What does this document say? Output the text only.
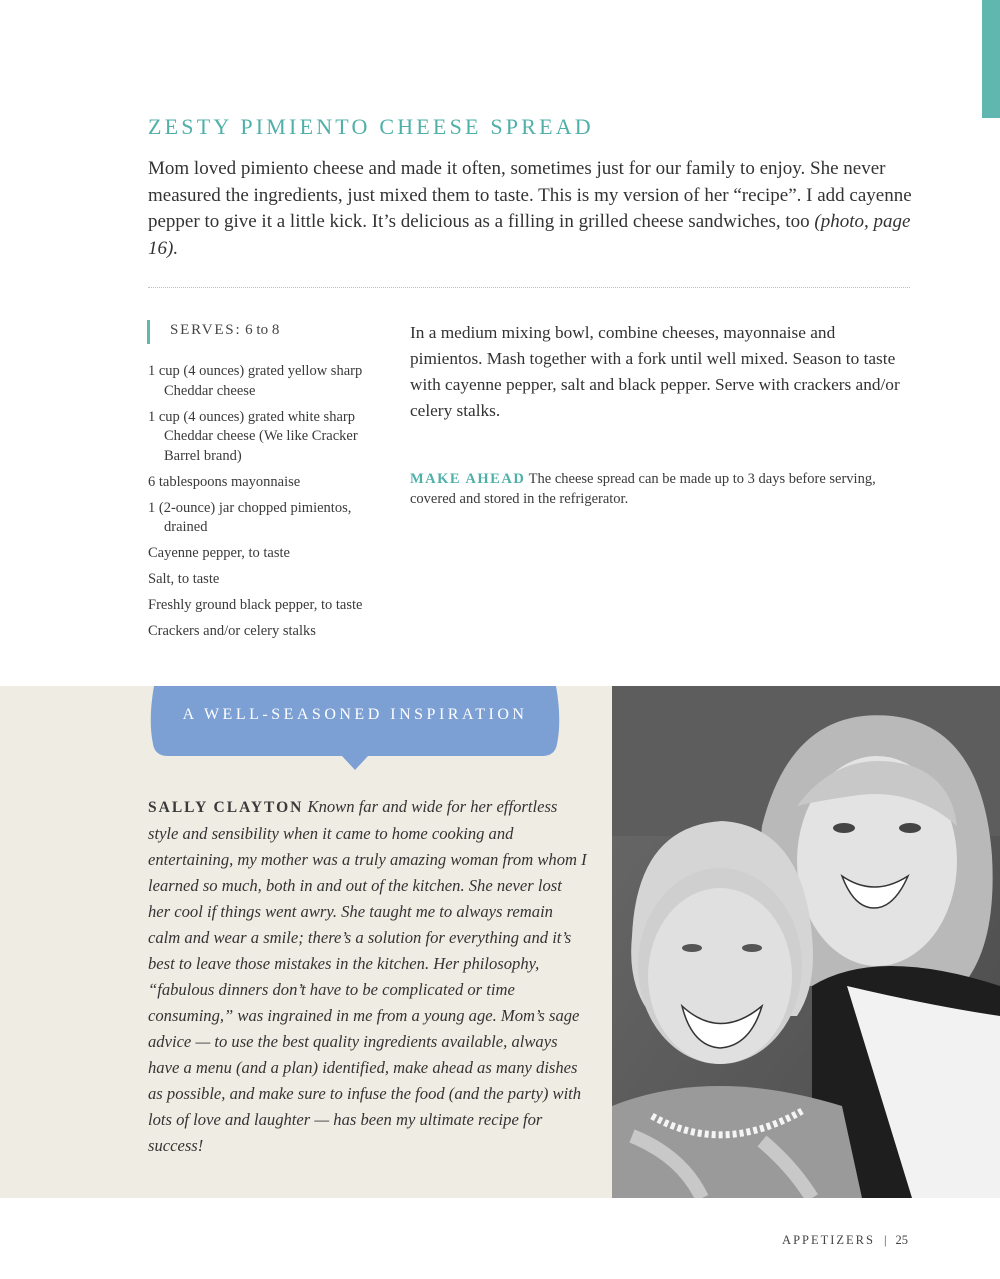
ZESTY PIMIENTO CHEESE SPREAD

Mom loved pimiento cheese and made it often, sometimes just for our family to enjoy. She never measured the ingredients, just mixed them to taste. This is my version of her “recipe”. I add cayenne pepper to give it a little kick. It’s delicious as a filling in grilled cheese sandwiches, too (photo, page 16).

SERVES: 6 to 8

1 cup (4 ounces) grated yellow sharp Cheddar cheese
1 cup (4 ounces) grated white sharp Cheddar cheese (We like Cracker Barrel brand)
6 tablespoons mayonnaise
1 (2-ounce) jar chopped pimientos, drained
Cayenne pepper, to taste
Salt, to taste
Freshly ground black pepper, to taste
Crackers and/or celery stalks

In a medium mixing bowl, combine cheeses, mayonnaise and pimientos. Mash together with a fork until well mixed. Season to taste with cayenne pepper, salt and black pepper. Serve with crackers and/or celery stalks.

MAKE AHEAD The cheese spread can be made up to 3 days before serving, covered and stored in the refrigerator.

A WELL-SEASONED INSPIRATION

SALLY CLAYTON Known far and wide for her effortless style and sensibility when it came to home cooking and entertaining, my mother was a truly amazing woman from whom I learned so much, both in and out of the kitchen. She never lost her cool if things went awry. She taught me to always remain calm and wear a smile; there’s a solution for everything and it’s best to leave those mistakes in the kitchen. Her philosophy, “fabulous dinners don’t have to be complicated or time consuming,” was ingrained in me from a young age. Mom’s sage advice — to use the best quality ingredients available, always have a menu (and a plan) identified, make ahead as many dishes as possible, and make sure to infuse the food (and the party) with lots of love and laughter — has been my ultimate recipe for success!

APPETIZERS | 25
